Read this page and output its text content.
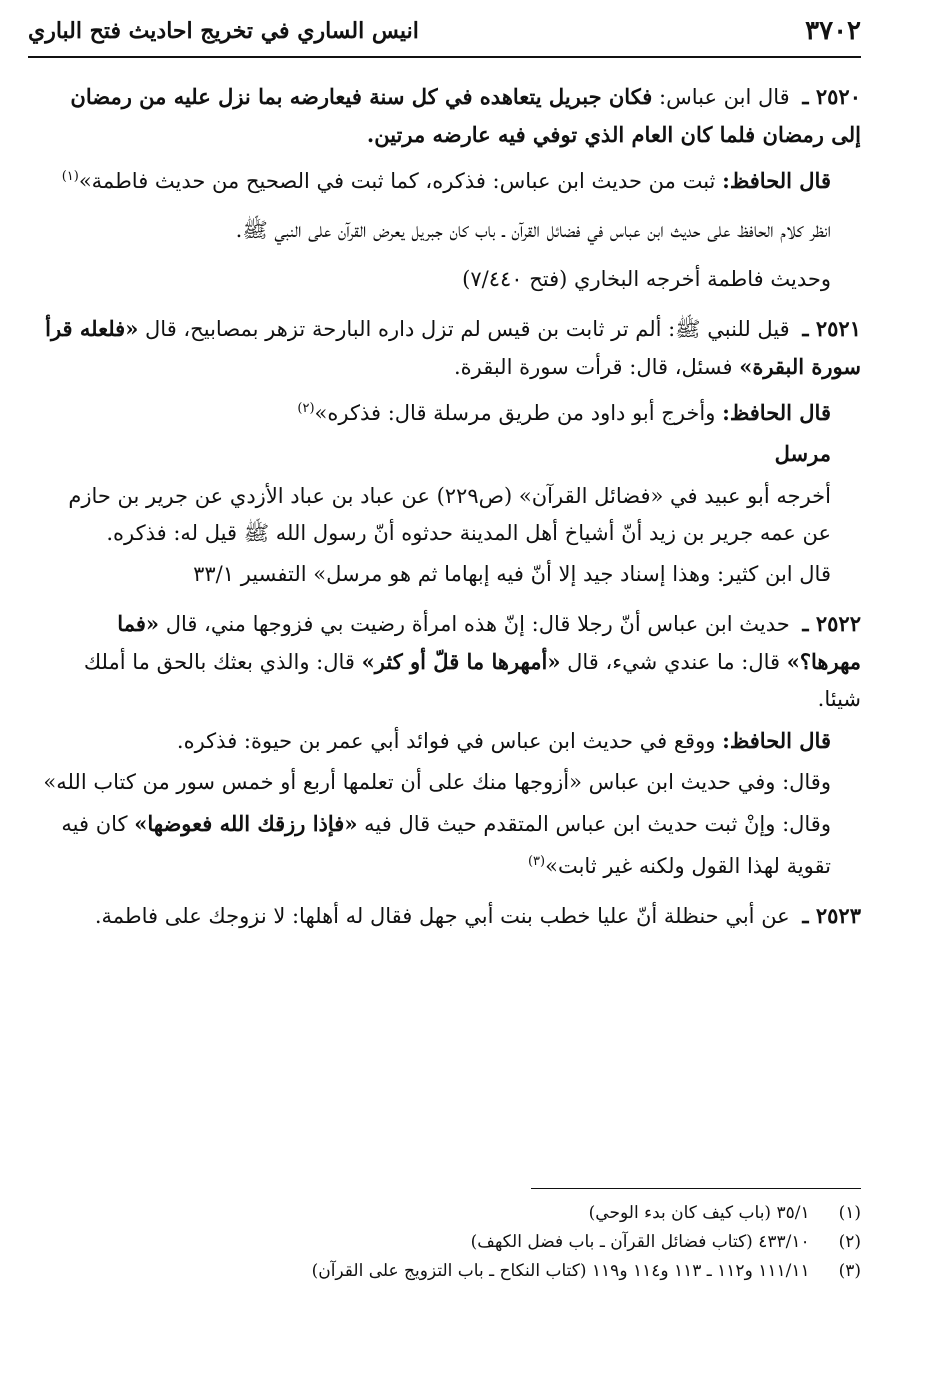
انيس الساري في تخريج احاديث فتح الباري	٣٧٠٢

٢٥٢٠ ـ قال ابن عباس: فكان جبريل يتعاهده في كل سنة فيعارضه بما نزل عليه من رمضان إلى رمضان فلما كان العام الذي توفي فيه عارضه مرتين.

قال الحافظ: ثبت من حديث ابن عباس: فذكره، كما ثبت في الصحيح من حديث فاطمة»$^{(١)}$

انظر كلام الحافظ على حديث ابن عباس في فضائل القرآن ـ باب كان جبريل يعرض القرآن على النبي ﷺ.

وحديث فاطمة أخرجه البخاري (فتح ٧/٤٤٠)

٢٥٢١ ـ قيل للنبي ﷺ: ألم تر ثابت بن قيس لم تزل داره البارحة تزهر بمصابيح، قال «فلعله قرأ سورة البقرة» فسئل، قال: قرأت سورة البقرة.

قال الحافظ: وأخرج أبو داود من طريق مرسلة قال: فذكره»$^{(٢)}$

مرسل

أخرجه أبو عبيد في «فضائل القرآن» (ص٢٢٩) عن عباد بن عباد الأزدي عن جرير بن حازم عن عمه جرير بن زيد أنّ أشياخ أهل المدينة حدثوه أنّ رسول الله ﷺ قيل له: فذكره.

قال ابن كثير: وهذا إسناد جيد إلا أنّ فيه إبهاما ثم هو مرسل» التفسير ٣٣/١

٢٥٢٢ ـ حديث ابن عباس أنّ رجلا قال: إنّ هذه امرأة رضيت بي فزوجها مني، قال «فما مهرها؟» قال: ما عندي شيء، قال «أمهرها ما قلّ أو كثر» قال: والذي بعثك بالحق ما أملك شيئا.

قال الحافظ: ووقع في حديث ابن عباس في فوائد أبي عمر بن حيوة: فذكره.

وقال: وفي حديث ابن عباس «أزوجها منك على أن تعلمها أربع أو خمس سور من كتاب الله»

وقال: وإنْ ثبت حديث ابن عباس المتقدم حيث قال فيه «فإذا رزقك الله فعوضها» كان فيه تقوية لهذا القول ولكنه غير ثابت»$^{(٣)}$

٢٥٢٣ ـ عن أبي حنظلة أنّ عليا خطب بنت أبي جهل فقال له أهلها: لا نزوجك على فاطمة.

(١) ٣٥/١ (باب كيف كان بدء الوحي)
(٢) ٤٣٣/١٠ (كتاب فضائل القرآن ـ باب فضل الكهف)
(٣) ١١١/١١ و١١٢ ـ ١١٣ و١١٤ و١١٩ (كتاب النكاح ـ باب التزويج على القرآن)
